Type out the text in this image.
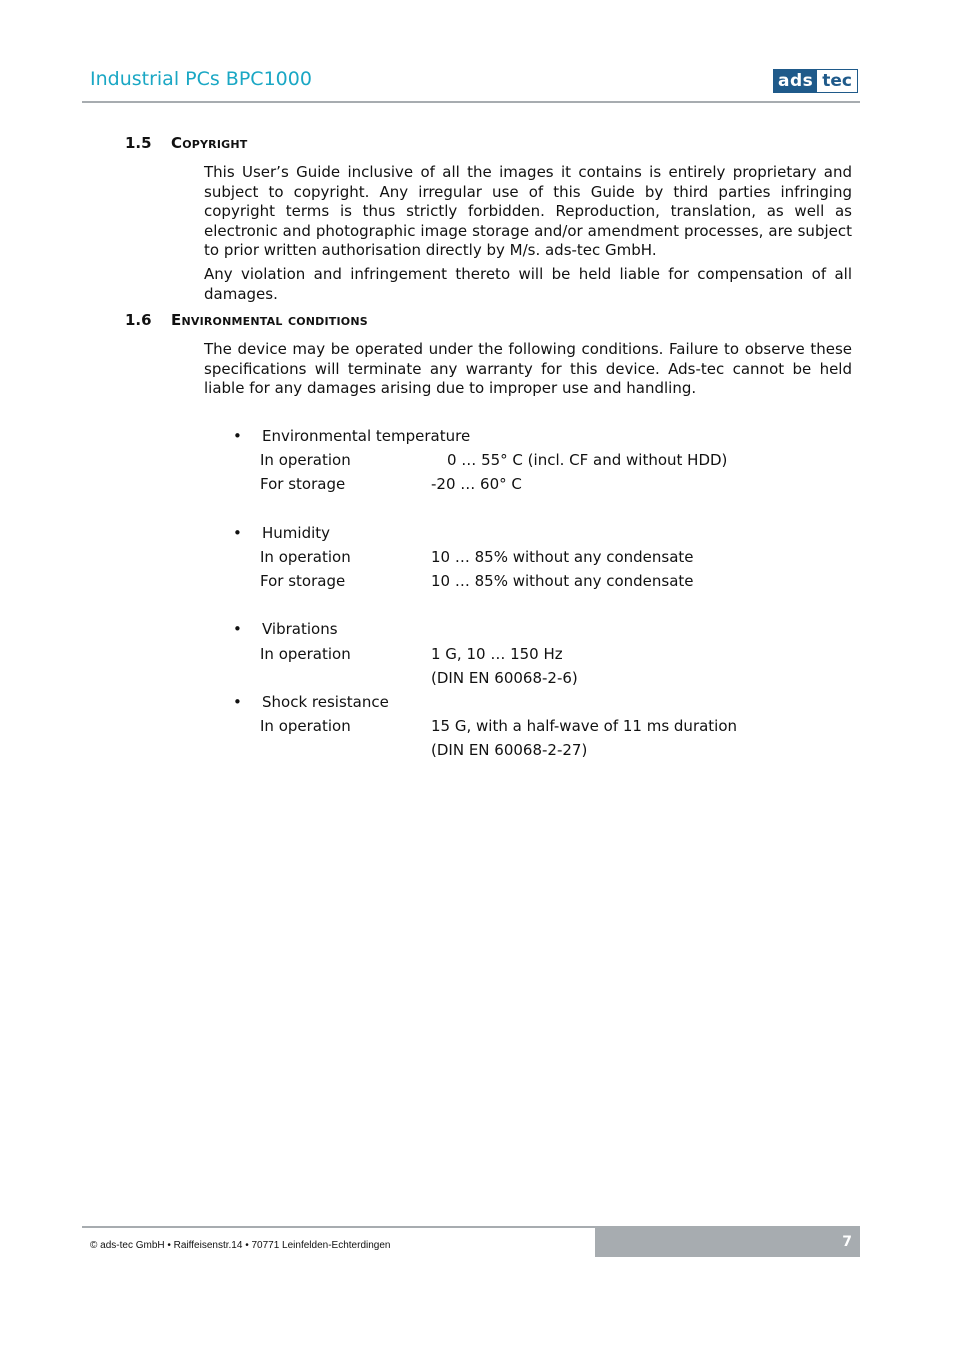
Industrial PCs BPC1000	ads tec
1.5 Copyright
This User’s Guide inclusive of all the images it contains is entirely proprietary and subject to copyright. Any irregular use of this Guide by third parties infringing copyright terms is thus strictly forbidden. Reproduction, translation, as well as electronic and photographic image storage and/or amendment processes, are subject to prior written authorisation directly by M/s. ads-tec GmbH.
Any violation and infringement thereto will be held liable for compensation of all damages.
1.6 Environmental conditions
The device may be operated under the following conditions. Failure to observe these specifications will terminate any warranty for this device. Ads-tec cannot be held liable for any damages arising due to improper use and handling.
• Environmental temperature
In operation	0 … 55° C (incl. CF and without HDD)
For storage	-20 … 60° C
• Humidity
In operation	10 … 85% without any condensate
For storage	10 … 85% without any condensate
• Vibrations
In operation	1 G, 10 … 150 Hz
(DIN EN 60068-2-6)
• Shock resistance
In operation	15 G, with a half-wave of 11 ms duration
(DIN EN 60068-2-27)
7
© ads-tec GmbH • Raiffeisenstr.14 • 70771 Leinfelden-Echterdingen
